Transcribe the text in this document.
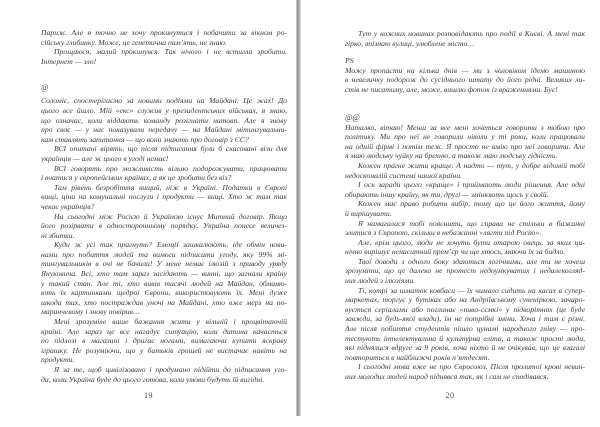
Париж. Але я точно не хочу прокинутися і побачити за вікном ро-
сійську глибинку. Може, це генетична пам’ять, не знаю.
Прощаюся, малий прокинувся. Так нічого і не встигла зробити.
Інтернет — зло!
@
Соломіє, спостерігаємо за новими подіями на Майдані. Це жах! До
цього все йшло. Мій «екс» служив у президентських військах, я знаю,
що означає, коли віддають команду розігнати натовп. Але я знову
про своє — у нас показували передачу — на Майдані мітингувальни-
кам ставлять запитання — що вони знають про договір з ЄС?
ВСІ опитані вірять, що після підписання були б скасовані візи для
українців — але ж цього в угоді немає!
ВСІ говорять про можливість вільно подорожувати, працювати
і вчатися у європейських країнах, а як це зробити без віз?
Там рівень безробіття вищий, ніж в Україні. Податки в Європі
вищі, ціни на комунальні послуги і продукти — вищі. Хто ж там так
чекає українців?
На сьогодні між Росією й Україною існує Митний договір. Якщо
його розірвати в односторонньому порядку, Україна понесе величез-
ні збитки.
Куди ж усі так прагнуть? Емоції зашкалюють, іде обмін нови-
нами про побиття людей та вимоги підписати угоду, яку 99% мі-
тингувальників в очі не бачили! У мене немає ілюзій з приводу уряду
Януковича. Всі, хто там зараз засідають — винні, що загнали країну
у такий стан. Але ті, хто вивів тисячі людей на Майдан, обманю-
ють їх картинками щедрої Європи, використовують їх. Мені дуже
шкода тих, хто постраждав уночі на Майдані, хто вже мерз на по-
маранчевому і знову повірив…
Мені зрозуміле ваше бажання жити у вільній і процвітаючій
країні. Але зараз це все нагадує ситуацію, коли дитина качається
по підлозі в магазині і дригає ногами, вимагаючи купити яскраву
іграшку. Не розуміючи, що у батьків грошей не вистачає навіть на
продукти.
Я за те, щоб цивілізовано і продумано підійти до підписання уго-
ди, коли Україна буде до цього готова, коли умови будуть їй вигідні.
19
Тут у кожних новинах розповідають про події в Києві. А мені так
гірко, впізнаю вулиці, улюблене місто…
PS
Можу пропасти на кілька днів — ми з чоловіком їдемо машиною
в невеличку подорож до сусіднього штату до його рідні. Великих ли-
стів не писатиму, але, може, вишлю фоток із враженнями. Бує!
@@
Наталко, вітаю! Менш за все мені хочеться говорити з тобою про
політику. Ми про неї не говорили ніколи у ті роки, коли працювали
на одній фірмі і потім теж. Я просто не вмію про неї говорити. Але
я маю людську чуйку на брехню, а також маю людську гідність.
Кожен прагне жити краще. А надто — тут, у добре відомій тобі
недосконалій системі нашої країни.
І ось заради цього «краще» і приймають люди рішення. Але одні
обирають іншу країну, як ти, другі — змінюють щось у своїй.
Кожен має право робити вибір, тому що це його життя, йому
й вирішувати.
Я намагалася тобі пояснити, що справа не стільки в бажанні
злитися з Європою, скільки в небажанні «лягти під Росію».
Але, крім цього, люди не хочуть бути отарою овець, за яких ци-
нічно вирішує ненаситний прем’єр чи ще хтось, маючи їх за бидло.
Твої доводи з одного боку здаються логічними, але ти не хочеш
зрозуміти, що це далеко не протест недоумкуватих і недалекогляд-
них людей з ілюзіями.
Ті, котрі за шматок ковбаси — їх чимало сидить на касах в супер-
маркетах, торгує у бутіках або на Андріївському сувеніркою, зачаро-
вується серіалами або поглинає «пиво-сємкі» у підворітнях (це буде
завжди, за будь-якої влади), їм не потрібні зміни. Хоча і там є різні.
Але після побиття студентів пішло цунамі народного гніву — про-
тестують інтелектуальна й культурна еліта, а також прості люди,
які піднялися вдруге за 9 років, хоча ніхто й не очікував, що це взагалі
повториться в найближчі років п’ятдесят.
І сьогодні мова вже не про Євросоюз. Після пролитої крові невин-
них молодих людей народ піднявся так, як і сам не сподівався.
20
